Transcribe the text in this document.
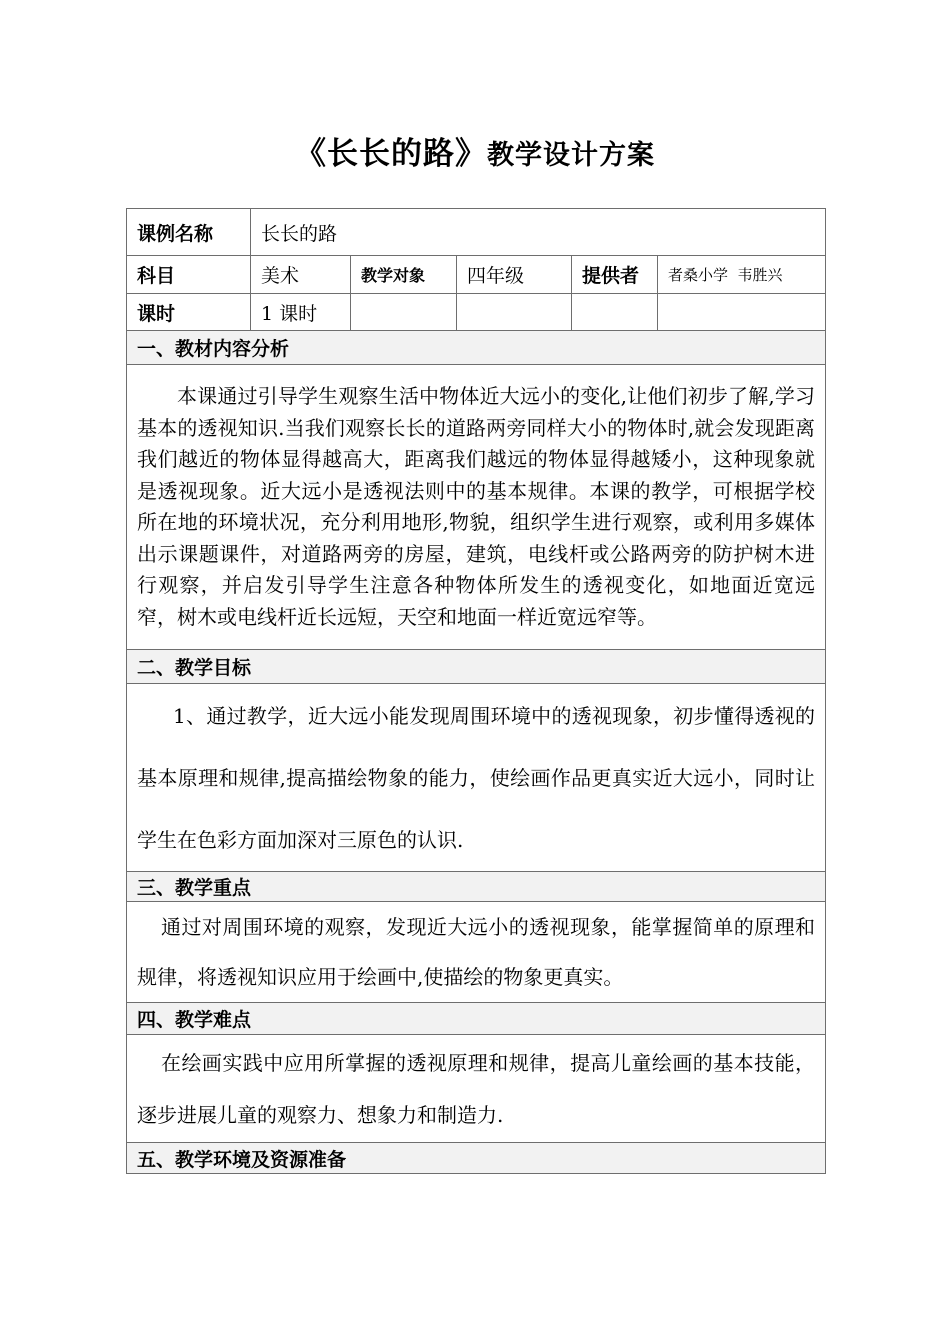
《长长的路》教学设计方案
课例名称	长长的路				
科目	美术	教学对象	四年级	提供者	者桑小学  韦胜兴
课时	1 课时				
一、教材内容分析					
本课通过引导学生观察生活中物体近大远小的变化,让他们初步了解,学习基本的透视知识.当我们观察长长的道路两旁同样大小的物体时,就会发现距离我们越近的物体显得越高大，距离我们越远的物体显得越矮小，这种现象就是透视现象。近大远小是透视法则中的基本规律。本课的教学，可根据学校所在地的环境状况，充分利用地形,物貌，组织学生进行观察，或利用多媒体出示课题课件，对道路两旁的房屋，建筑，电线杆或公路两旁的防护树木进行观察，并启发引导学生注意各种物体所发生的透视变化，如地面近宽远窄，树木或电线杆近长远短，天空和地面一样近宽远窄等。					
二、教学目标					
1、通过教学，近大远小能发现周围环境中的透视现象，初步懂得透视的基本原理和规律,提高描绘物象的能力，使绘画作品更真实近大远小，同时让学生在色彩方面加深对三原色的认识.					
三、教学重点					
通过对周围环境的观察，发现近大远小的透视现象，能掌握简单的原理和规律，将透视知识应用于绘画中,使描绘的物象更真实。					
四、教学难点					
在绘画实践中应用所掌握的透视原理和规律，提高儿童绘画的基本技能，逐步进展儿童的观察力、想象力和制造力.					
五、教学环境及资源准备					
